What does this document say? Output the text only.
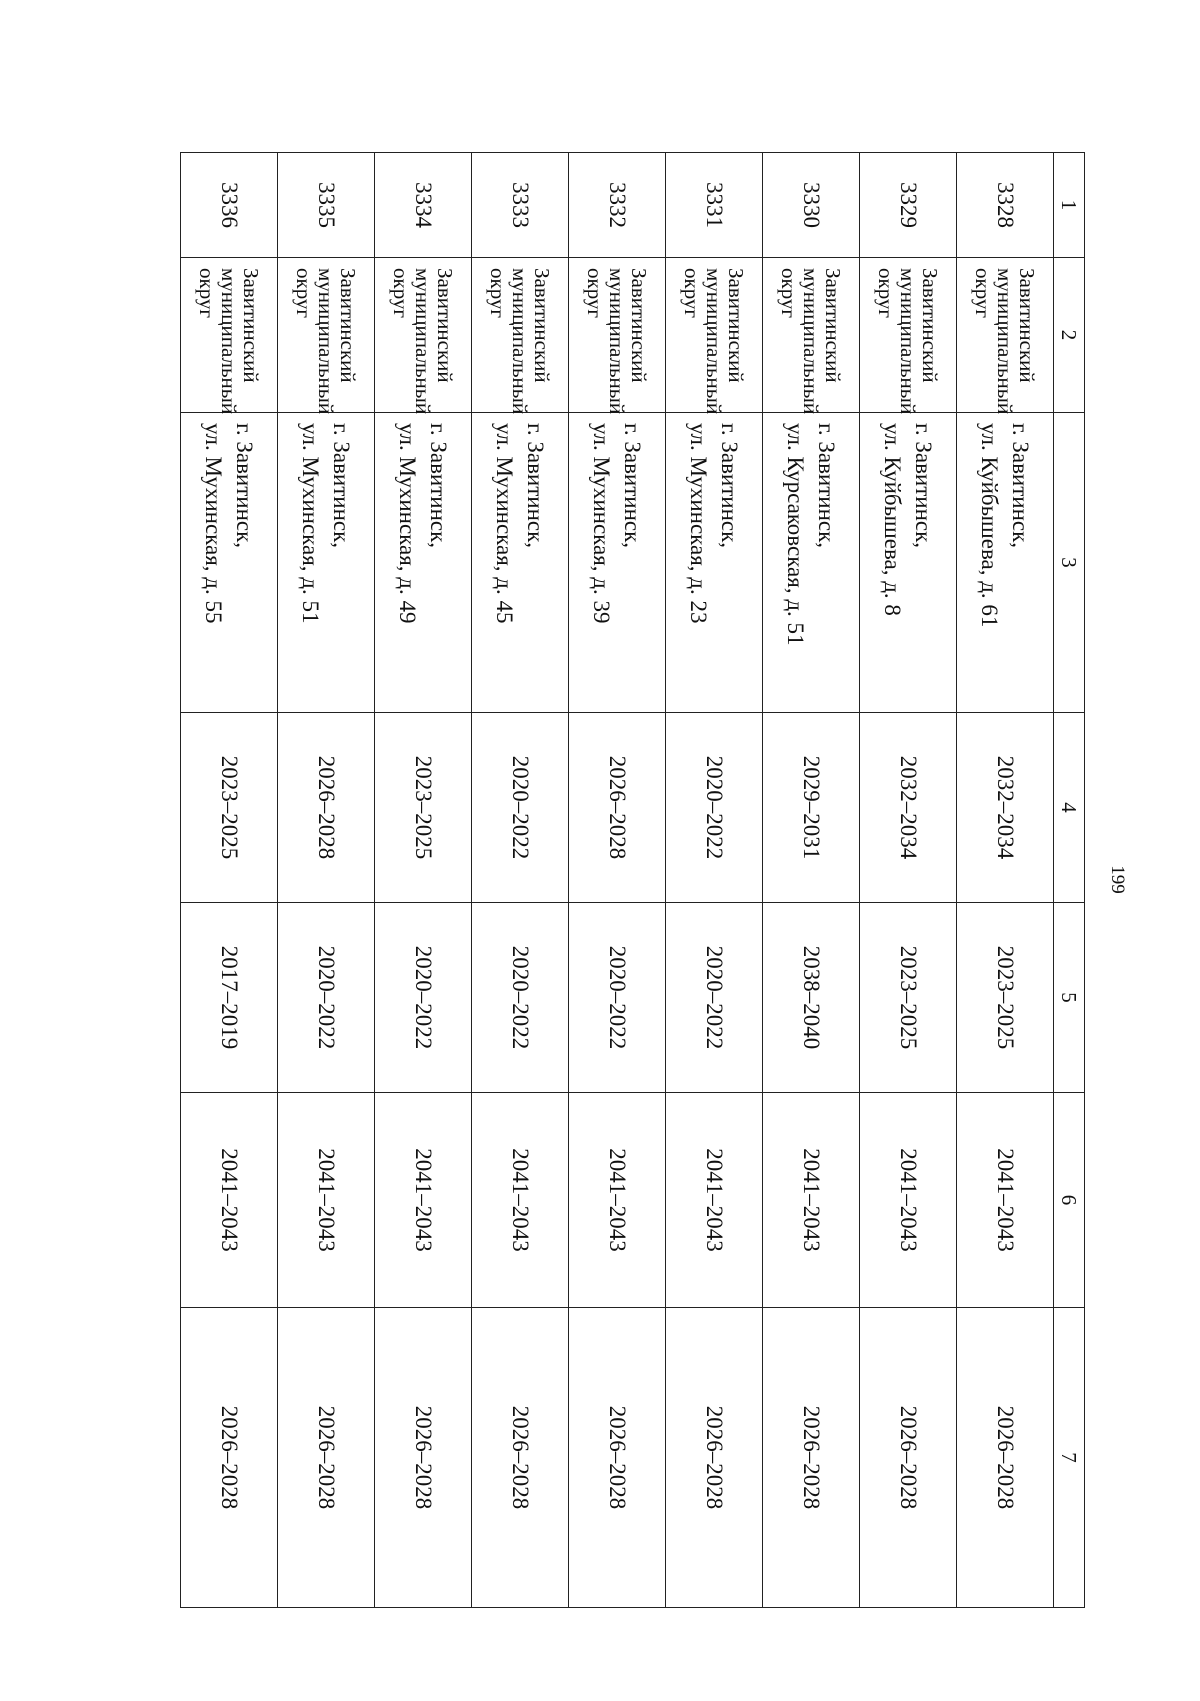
199
1	2	3	4	5	6	7
3328	Завитинский
муниципальный
округ	г. Завитинск,
ул. Куйбышева, д. 61	2032–2034	2023–2025	2041–2043	2026–2028
3329	Завитинский
муниципальный
округ	г. Завитинск,
ул. Куйбышева, д. 8	2032–2034	2023–2025	2041–2043	2026–2028
3330	Завитинский
муниципальный
округ	г. Завитинск,
ул. Курсаковская, д. 51	2029–2031	2038–2040	2041–2043	2026–2028
3331	Завитинский
муниципальный
округ	г. Завитинск,
ул. Мухинская, д. 23	2020–2022	2020–2022	2041–2043	2026–2028
3332	Завитинский
муниципальный
округ	г. Завитинск,
ул. Мухинская, д. 39	2026–2028	2020–2022	2041–2043	2026–2028
3333	Завитинский
муниципальный
округ	г. Завитинск,
ул. Мухинская, д. 45	2020–2022	2020–2022	2041–2043	2026–2028
3334	Завитинский
муниципальный
округ	г. Завитинск,
ул. Мухинская, д. 49	2023–2025	2020–2022	2041–2043	2026–2028
3335	Завитинский
муниципальный
округ	г. Завитинск,
ул. Мухинская, д. 51	2026–2028	2020–2022	2041–2043	2026–2028
3336	Завитинский
муниципальный
округ	г. Завитинск,
ул. Мухинская, д. 55	2023–2025	2017–2019	2041–2043	2026–2028
